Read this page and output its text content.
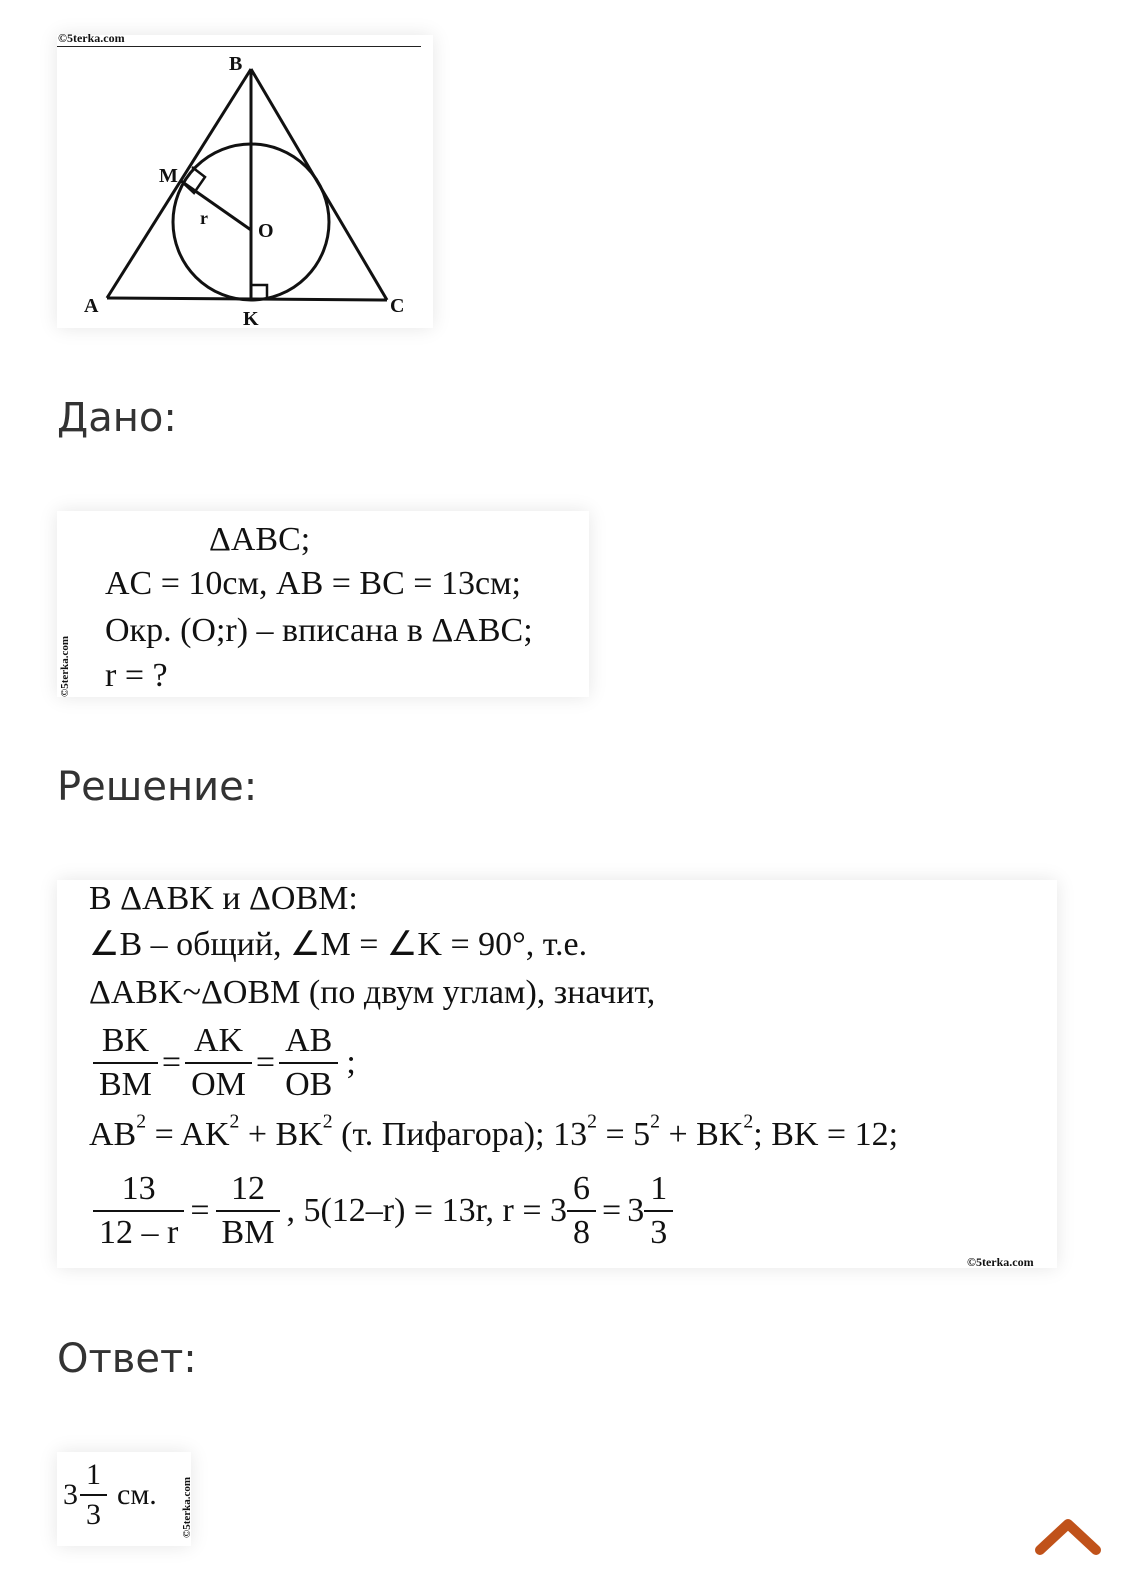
©5terka.com
B
M
r
O
A
K
C
Дано:
©5terka.com
ΔABC;
AC = 10см, AB = BC = 13см;
Окр. (O;r) – вписана в ΔABC;
r = ?
Решение:
В ΔABK и ΔOBM:
∠B – общий, ∠M = ∠K = 90°, т.е.
ΔABK~ΔOBM (по двум углам), значит,
$\frac{BK}{BM} = \frac{AK}{OM} = \frac{AB}{OB}$ ;
$AB^2 = AK^2 + BK^2$ (т. Пифагора); $13^2 = 5^2 + BK^2$; BK = 12;
$\frac{13}{12 - r} = \frac{12}{BM}$ , 5(12–r) = 13r, $r = 3 \frac{6}{8} = 3 \frac{1}{3}$
©5terka.com
Ответ:
$3 \frac{1}{3}$ см. ©5terka.com
